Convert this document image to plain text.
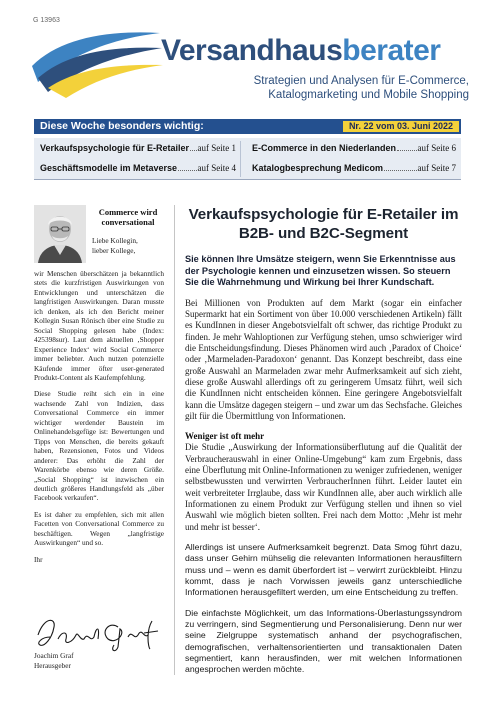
G 13963
Versandhausberater
Strategien und Analysen für E-Commerce,
Katalogmarketing und Mobile Shopping
Diese Woche besonders wichtig:	Nr. 22 vom 03. Juni 2022
Verkaufspsychologie für E-Retailer auf Seite 1
Geschäftsmodelle im Metaverse auf Seite 4
E-Commerce in den Niederlanden auf Seite 6
Katalogbesprechung Medicom	auf Seite 7
Commerce wird conversational
Liebe Kollegin,
lieber Kollege,

wir Menschen überschätzen ja bekanntlich stets die kurzfristigen Auswirkungen von Entwicklungen und unterschätzen die langfristigen Auswirkungen. Daran musste ich denken, als ich den Bericht meiner Kollegin Susan Rönisch über eine Studie zu Social Shopping gelesen habe (Index: 425398sur). Laut dem aktuellen ‚Shopper Experience Index‘ wird Social Commerce immer beliebter. Auch nutzen potenzielle Käufende immer öfter user-generated Produkt-Content als Kaufempfehlung.

Diese Studie reiht sich ein in eine wachsende Zahl von Indizien, dass Conversational Commerce ein immer wichtiger werdender Baustein im Onlinehandelsgefüge ist: Bewertungen und Tipps von Menschen, die bereits gekauft haben, Rezensionen, Fotos und Videos anderer: Das erhöht die Zahl der Warenkörbe ebenso wie deren Größe. „Social Shopping“ ist inzwischen ein deutlich größeres Handlungsfeld als „über Facebook verkaufen“.

Es ist daher zu empfehlen, sich mit allen Facetten von Conversational Commerce zu beschäftigen. Wegen „langfristige Auswirkungen“ und so.

Ihr

Joachim Graf
Herausgeber
Verkaufspsychologie für E-Retailer im
B2B- und B2C-Segment
Sie können Ihre Umsätze steigern, wenn Sie Erkenntnisse aus der Psychologie kennen und einzusetzen wissen. So steuern Sie die Wahrnehmung und Wirkung bei Ihrer Kundschaft.

Bei Millionen von Produkten auf dem Markt (sogar ein einfacher Supermarkt hat ein Sortiment von über 10.000 verschiedenen Artikeln) fällt es KundInnen in dieser Angebotsvielfalt oft schwer, das richtige Produkt zu finden. Je mehr Wahloptionen zur Verfügung stehen, umso schwieriger wird die Entscheidungsfindung. Dieses Phänomen wird auch ‚Paradox of Choice‘ oder ‚Marmeladen-Paradoxon‘ genannt. Das Konzept beschreibt, dass eine große Auswahl an Marmeladen zwar mehr Aufmerksamkeit auf sich zieht, diese große Auswahl allerdings oft zu geringerem Umsatz führt, weil sich die KundInnen nicht entscheiden können. Eine geringere Angebotsvielfalt kann die Umsätze dagegen steigern – und zwar um das Sechsfache. Gleiches gilt für die Übermittlung von Informationen.

Weniger ist oft mehr

Die Studie „Auswirkung der Informationsüberflutung auf die Qualität der Verbraucherauswahl in einer Online-Umgebung“ kam zum Ergebnis, dass eine Überflutung mit Online-Informationen zu weniger zufriedenen, weniger selbstbewussten und verwirrten VerbraucherInnen führt. Leider lautet ein weit verbreiteter Irrglaube, dass wir KundInnen alle, aber auch wirklich alle Informationen zu einem Produkt zur Verfügung stellen und ihnen so viel Auswahl wie möglich bieten sollten. Frei nach dem Motto: ‚Mehr ist mehr und mehr ist besser‘.

Allerdings ist unsere Aufmerksamkeit begrenzt. Data Smog führt dazu, dass unser Gehirn mühselig die relevanten Informationen herausfiltern muss und – wenn es damit überfordert ist – verwirrt zurückbleibt. Hinzu kommt, dass je nach Vorwissen jeweils ganz unterschiedliche Informationen herausgefiltert werden, um eine Entscheidung zu treffen.

Die einfachste Möglichkeit, um das Informations-Überlastungssyndrom zu verringern, sind Segmentierung und Personalisierung. Denn nur wer seine Zielgruppe systematisch anhand der psychografischen, demografischen, verhaltensorientierten und transaktionalen Daten segmentiert, kann herausfinden, wer mit welchen Informationen angesprochen werden möchte.
